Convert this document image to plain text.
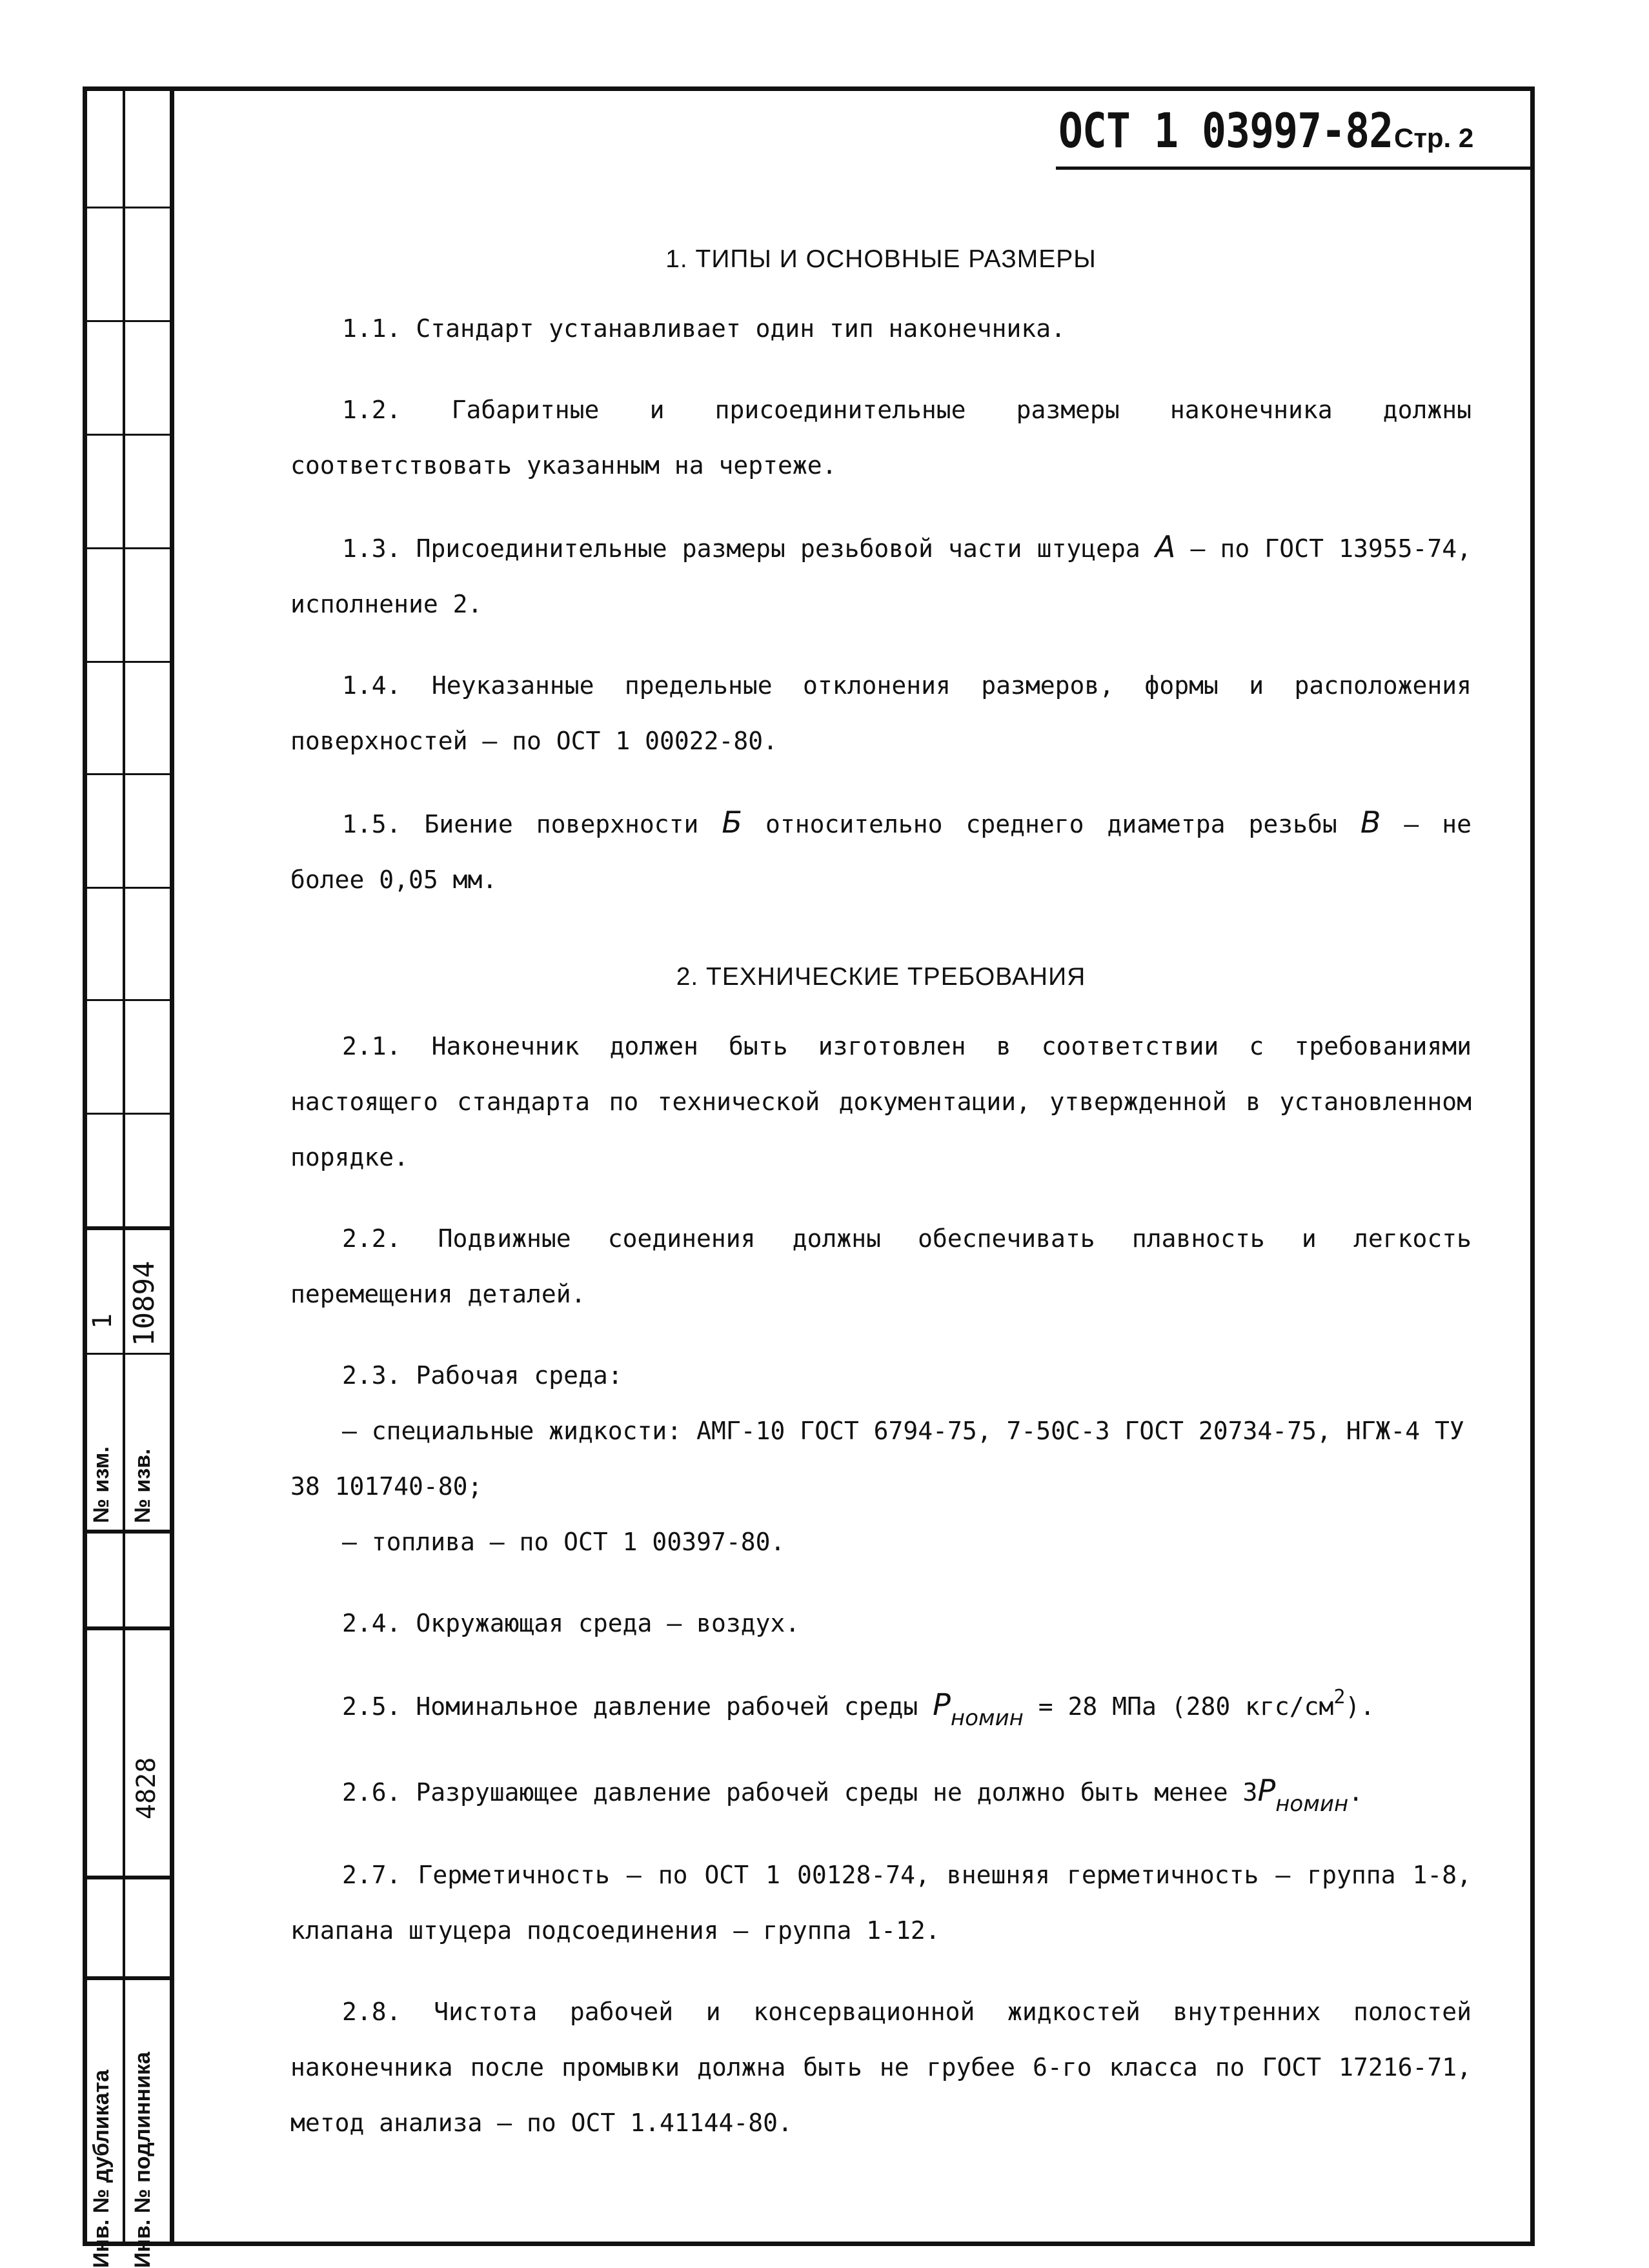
1 10894
№ изм. № изв.
4828
Инв. № дубликата Инв. № подлинника
ОСТ 1 03997-82 Стр. 2
1. ТИПЫ И ОСНОВНЫЕ РАЗМЕРЫ

1.1. Стандарт устанавливает один тип наконечника.

1.2. Габаритные и присоединительные размеры наконечника должны соответствовать указанным на чертеже.

1.3. Присоединительные размеры резьбовой части штуцера А – по ГОСТ 13955-74, исполнение 2.

1.4. Неуказанные предельные отклонения размеров, формы и расположения поверхностей – по ОСТ 1 00022-80.

1.5. Биение поверхности Б относительно среднего диаметра резьбы В – не более 0,05 мм.

2. ТЕХНИЧЕСКИЕ ТРЕБОВАНИЯ

2.1. Наконечник должен быть изготовлен в соответствии с требованиями настоящего стандарта по технической документации, утвержденной в установленном порядке.

2.2. Подвижные соединения должны обеспечивать плавность и легкость перемещения деталей.

2.3. Рабочая среда:
– специальные жидкости: АМГ-10 ГОСТ 6794-75, 7-50С-3 ГОСТ 20734-75, НГЖ-4 ТУ 38 101740-80;

– топлива – по ОСТ 1 00397-80.

2.4. Окружающая среда – воздух.

2.5. Номинальное давление рабочей среды Рномин = 28 МПа (280 кгс/$см^2$).

2.6. Разрушающее давление рабочей среды не должно быть менее 3Рномин.

2.7. Герметичность – по ОСТ 1 00128-74, внешняя герметичность – группа 1-8, клапана штуцера подсоединения – группа 1-12.

2.8. Чистота рабочей и консервационной жидкостей внутренних полостей наконечника после промывки должна быть не грубее 6-го класса по ГОСТ 17216-71, метод анализа – по ОСТ 1.41144-80.
